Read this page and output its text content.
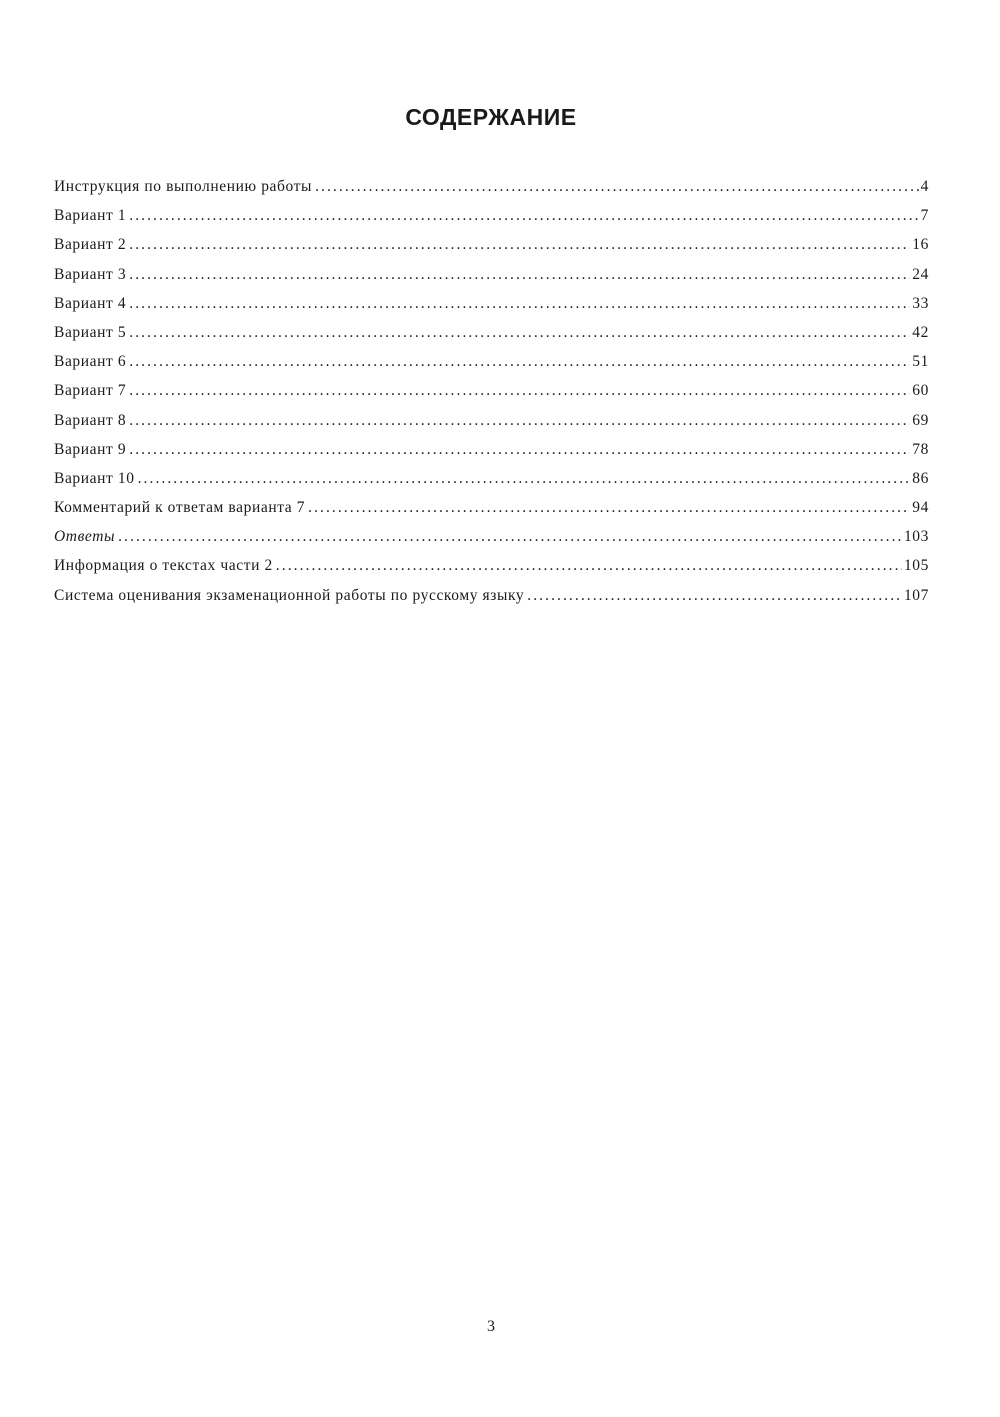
СОДЕРЖАНИЕ
Инструкция по выполнению работы . . .	4
Вариант 1 . . .	7
Вариант 2 . . .	16
Вариант 3 . . .	24
Вариант 4 . . .	33
Вариант 5 . . .	42
Вариант 6 . . .	51
Вариант 7 . . .	60
Вариант 8 . . .	69
Вариант 9 . . .	78
Вариант 10 . . .	86
Комментарий к ответам варианта 7 . . .	94
Ответы . . .	103
Информация о текстах части 2 . . .	105
Система оценивания экзаменационной работы по русскому языку . . .	107

3
